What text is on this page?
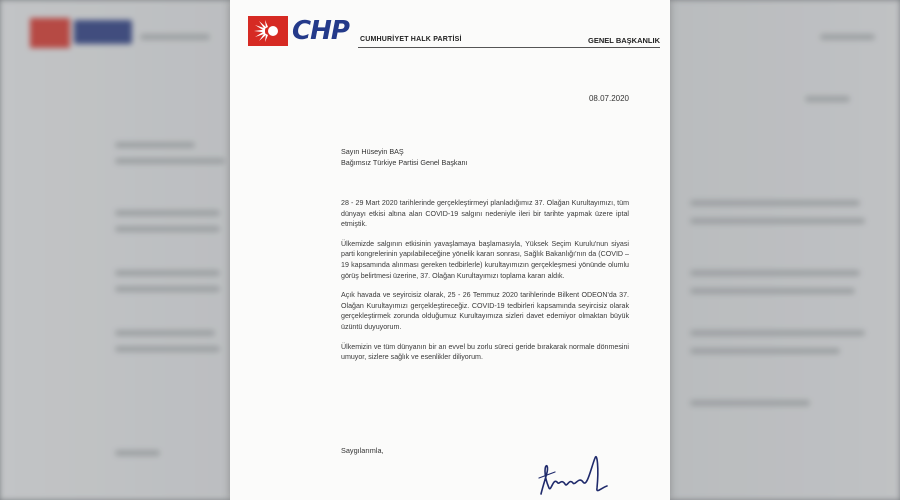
CHP CUMHURİYET HALK PARTİSİ	GENEL BAŞKANLIK
08.07.2020
Sayın Hüseyin BAŞ
Bağımsız Türkiye Partisi Genel Başkanı

28 - 29 Mart 2020 tarihlerinde gerçekleştirmeyi planladığımız 37. Olağan Kurultayımızı, tüm dünyayı etkisi altına alan COVID-19 salgını nedeniyle ileri bir tarihte yapmak üzere iptal etmiştik.

Ülkemizde salgının etkisinin yavaşlamaya başlamasıyla, Yüksek Seçim Kurulu'nun siyasi parti kongrelerinin yapılabileceğine yönelik kararı sonrası, Sağlık Bakanlığı'nın da (COVID – 19 kapsamında alınması gereken tedbirlerle) kurultayımızın gerçekleşmesi yönünde olumlu görüş belirtmesi üzerine, 37. Olağan Kurultayımızı toplama kararı aldık.

Açık havada ve seyircisiz olarak, 25 - 26 Temmuz 2020 tarihlerinde Bilkent ODEON'da 37. Olağan Kurultayımızı gerçekleştireceğiz. COVID-19 tedbirleri kapsamında seyircisiz olarak gerçekleştirmek zorunda olduğumuz Kurultayımıza sizleri davet edemiyor olmaktan büyük üzüntü duyuyorum.

Ülkemizin ve tüm dünyanın bir an evvel bu zorlu süreci geride bırakarak normale dönmesini umuyor, sizlere sağlık ve esenlikler diliyorum.

Saygılarımla,
